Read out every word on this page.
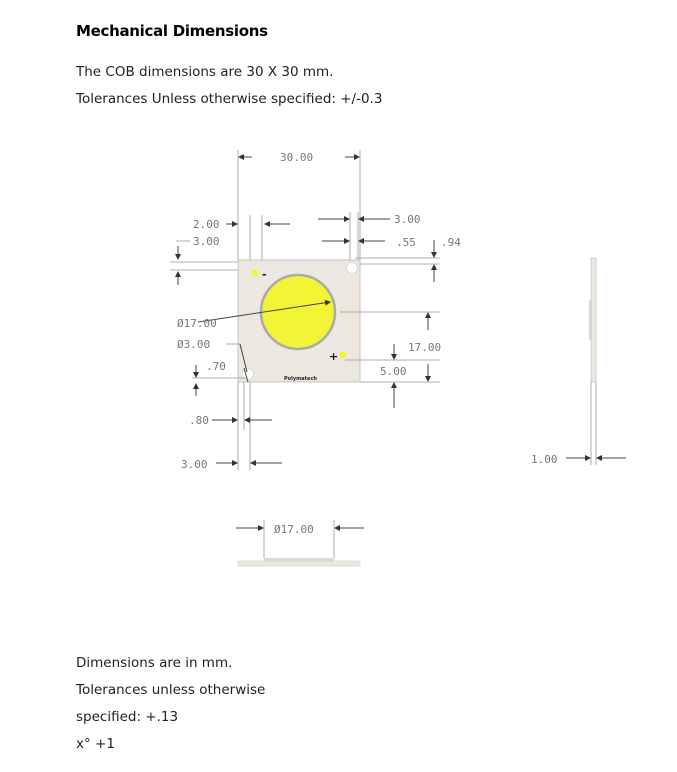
Mechanical Dimensions
The COB dimensions are 30 X 30 mm.
Tolerances Unless otherwise specified: +/-0.3
30.00
2.00
3.00
3.00
.55 .94
-
+
Polymatech
Ø17.00
Ø3.00
.70
17.00
5.00
.80
3.00	1.00
Ø17.00
Dimensions are in mm.
Tolerances unless otherwise
specified: +.13
x° +1
